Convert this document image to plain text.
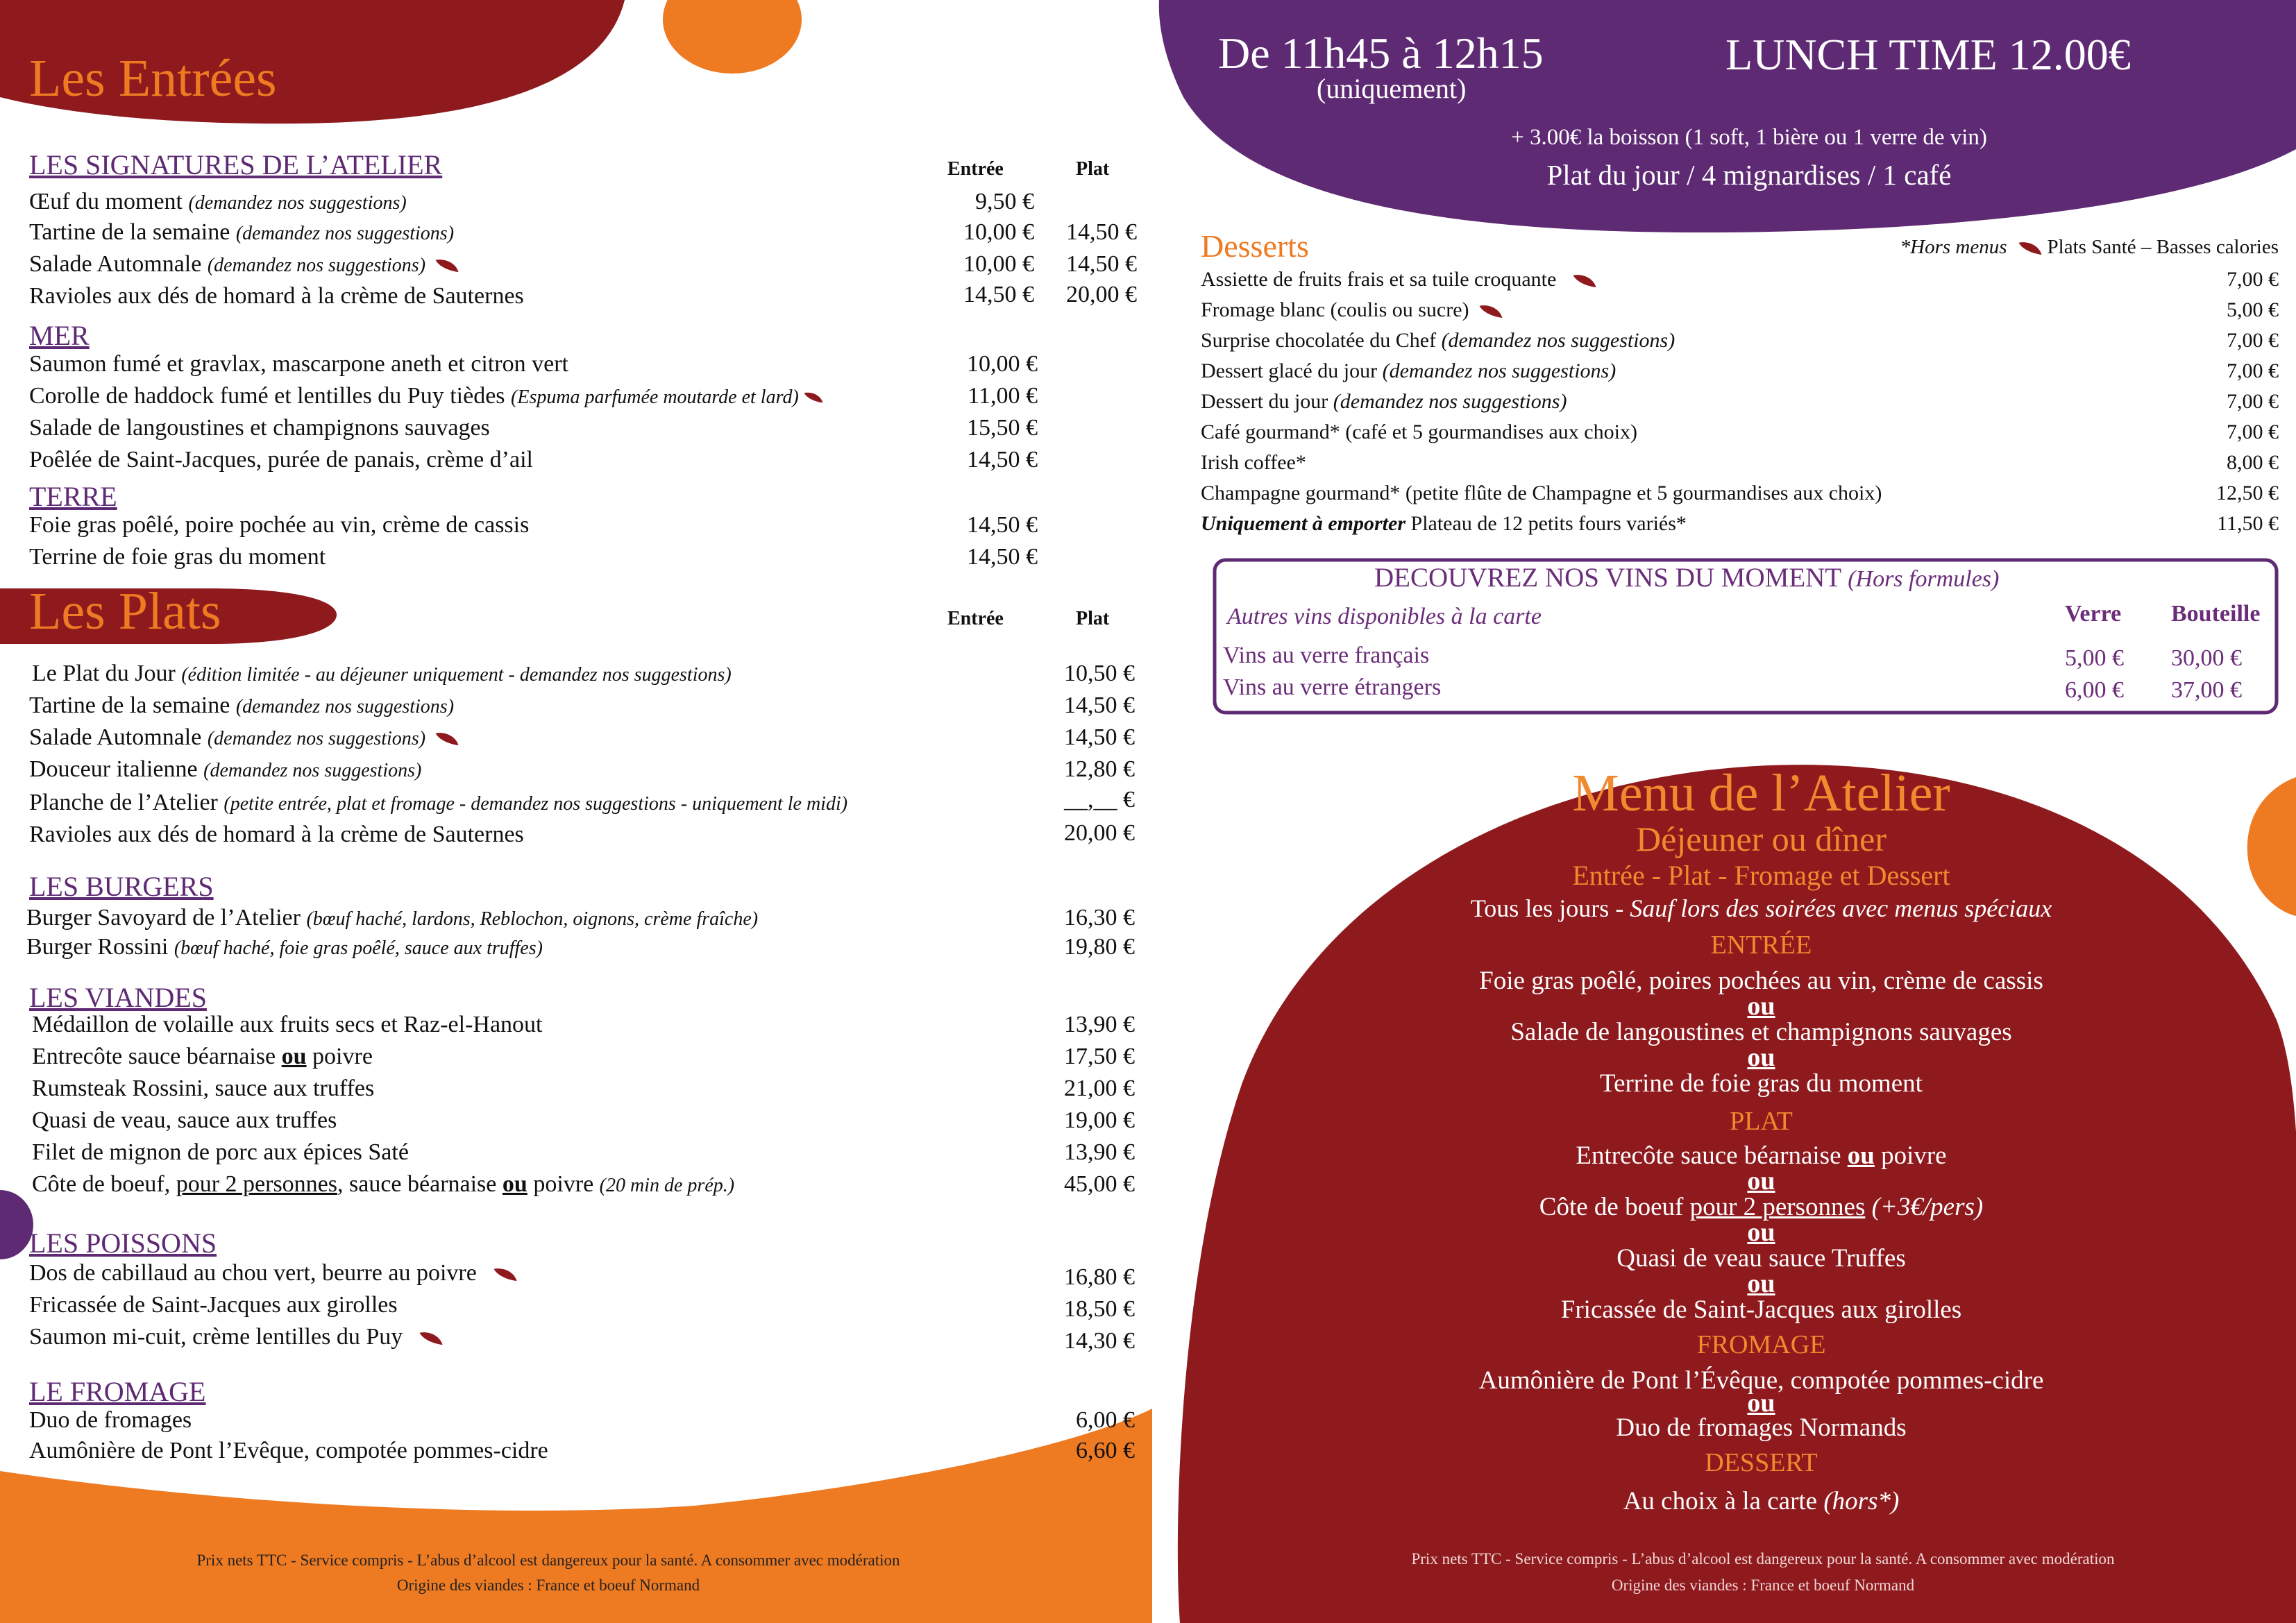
Les Entrées
Entrée	Plat
LES SIGNATURES DE L’ATELIER
Œuf du moment (demandez nos suggestions)	9,50 €
Tartine de la semaine (demandez nos suggestions)	10,00 € 14,50 €
Salade Automnale (demandez nos suggestions)	10,00 € 14,50 €
Ravioles aux dés de homard à la crème de Sauternes	14,50 € 20,00 €
MER
Saumon fumé et gravlax, mascarpone aneth et citron vert	10,00 €
Corolle de haddock fumé et lentilles du Puy tièdes (Espuma parfumée moutarde et lard)	11,00 €
Salade de langoustines et champignons sauvages	15,50 €
Poêlée de Saint-Jacques, purée de panais, crème d’ail	14,50 €
TERRE
Foie gras poêlé, poire pochée au vin, crème de cassis	14,50 €
Terrine de foie gras du moment	14,50 €
Les Plats	Entrée	Plat
Le Plat du Jour (édition limitée - au déjeuner uniquement - demandez nos suggestions)	10,50 €
Tartine de la semaine (demandez nos suggestions)	14,50 €
Salade Automnale (demandez nos suggestions)	14,50 €
Douceur italienne (demandez nos suggestions)	12,80 €
Planche de l’Atelier (petite entrée, plat et fromage - demandez nos suggestions - uniquement le midi)	__,__ €
Ravioles aux dés de homard à la crème de Sauternes	20,00 €
LES BURGERS
Burger Savoyard de l’Atelier (bœuf haché, lardons, Reblochon, oignons, crème fraîche)	16,30 €
Burger Rossini (bœuf haché, foie gras poêlé, sauce aux truffes)	19,80 €
LES VIANDES
Médaillon de volaille aux fruits secs et Raz-el-Hanout	13,90 €
Entrecôte sauce béarnaise ou poivre	17,50 €
Rumsteak Rossini, sauce aux truffes	21,00 €
Quasi de veau, sauce aux truffes	19,00 €
Filet de mignon de porc aux épices Saté	13,90 €
Côte de boeuf, pour 2 personnes, sauce béarnaise ou poivre (20 min de prép.)	45,00 €
LES POISSONS
Dos de cabillaud au chou vert, beurre au poivre	16,80 €
Fricassée de Saint-Jacques aux girolles	18,50 €
Saumon mi-cuit, crème lentilles du Puy	14,30 €
LE FROMAGE
Duo de fromages	6,00 €
Aumônière de Pont l’Evêque, compotée pommes-cidre	6,60 €
Prix nets TTC - Service compris - L’abus d’alcool est dangereux pour la santé. A consommer avec modération
Origine des viandes : France et boeuf Normand
De 11h45 à 12h15
(uniquement)
LUNCH TIME 12.00€
+ 3.00€ la boisson (1 soft, 1 bière ou 1 verre de vin)
Plat du jour / 4 mignardises / 1 café
Desserts	*Hors menus Plats Santé – Basses calories
Assiette de fruits frais et sa tuile croquante	7,00 €
Fromage blanc (coulis ou sucre)	5,00 €
Surprise chocolatée du Chef (demandez nos suggestions)	7,00 €
Dessert glacé du jour (demandez nos suggestions)	7,00 €
Dessert du jour (demandez nos suggestions)	7,00 €
Café gourmand* (café et 5 gourmandises aux choix)	7,00 €
Irish coffee*	8,00 €
Champagne gourmand* (petite flûte de Champagne et 5 gourmandises aux choix)	12,50 €
Uniquement à emporter Plateau de 12 petits fours variés*	11,50 €
DECOUVREZ NOS VINS DU MOMENT (Hors formules)
Autres vins disponibles à la carte	Verre Bouteille
Vins au verre français	5,00 € 30,00 €
Vins au verre étrangers	6,00 € 37,00 €
39.00€ TTC/pers
Menu de l’Atelier
Déjeuner ou dîner
Entrée - Plat - Fromage et Dessert
Tous les jours - Sauf lors des soirées avec menus spéciaux
ENTRÉE
Foie gras poêlé, poires pochées au vin, crème de cassis
ou
Salade de langoustines et champignons sauvages
ou
Terrine de foie gras du moment
PLAT
Entrecôte sauce béarnaise ou poivre
ou
Côte de boeuf pour 2 personnes (+3€/pers)
ou
Quasi de veau sauce Truffes
ou
Fricassée de Saint-Jacques aux girolles
FROMAGE
Aumônière de Pont l’Évêque, compotée pommes-cidre
ou
Duo de fromages Normands
DESSERT
Au choix à la carte (hors*)
Prix nets TTC - Service compris - L’abus d’alcool est dangereux pour la santé. A consommer avec modération
Origine des viandes : France et boeuf Normand
